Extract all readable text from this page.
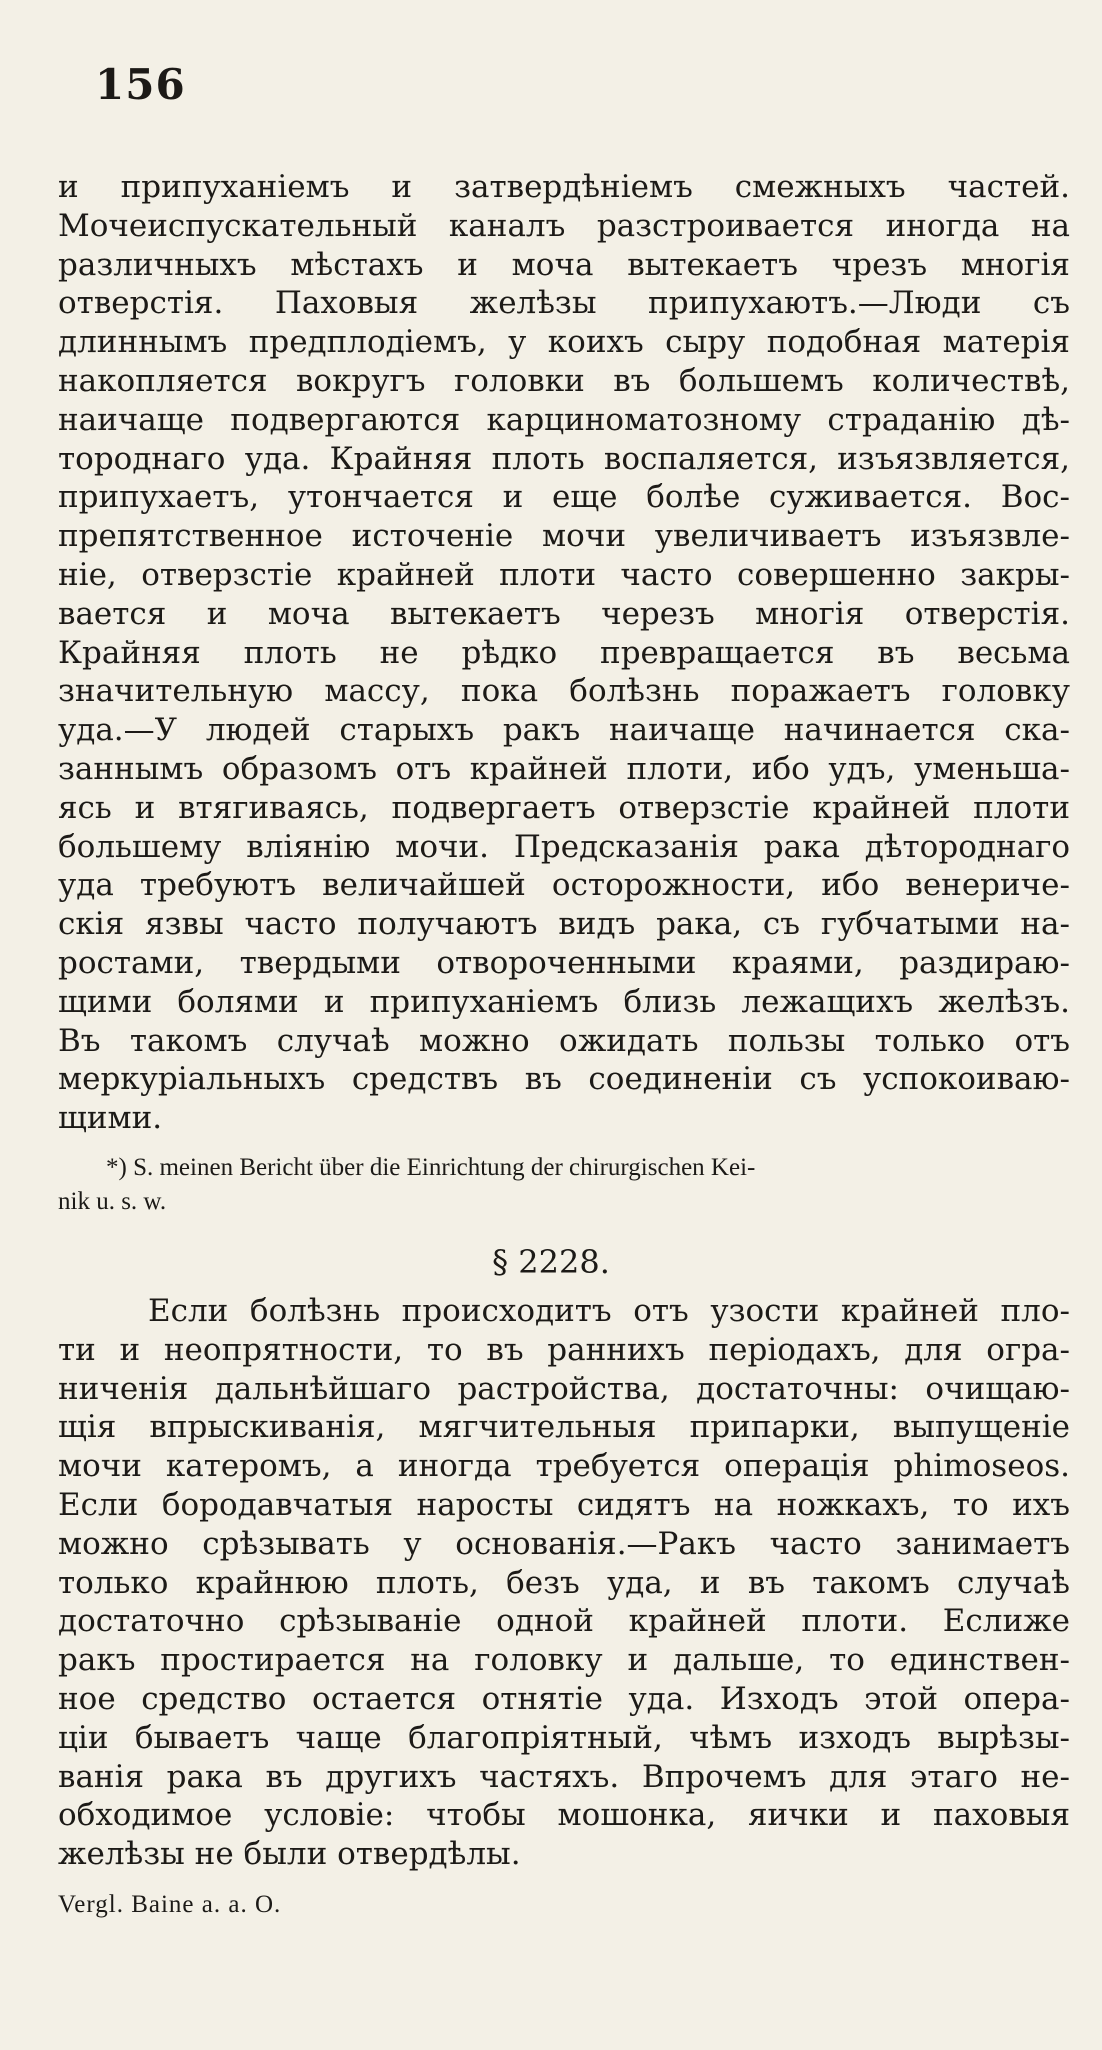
156
и припуханіемъ и затвердѣніемъ смежныхъ частей.
Мочеиспускательный каналъ разстроивается иногда на
различныхъ мѣстахъ и моча вытекаетъ чрезъ многія
отверстія. Паховыя желѣзы припухаютъ.—Люди съ
длиннымъ предплодіемъ, у коихъ сыру подобная матерія
накопляется вокругъ головки въ большемъ количествѣ,
наичаще подвергаются карциноматозному страданію дѣ-
тороднаго уда. Крайняя плоть воспаляется, изъязвляется,
припухаетъ, утончается и еще болѣе суживается. Вос-
препятственное источеніе мочи увеличиваетъ изъязвле-
ніе, отверзстіе крайней плоти часто совершенно закры-
вается и моча вытекаетъ черезъ многія отверстія.
Крайняя плоть не рѣдко превращается въ весьма
значительную массу, пока болѣзнь поражаетъ головку
уда.—У людей старыхъ ракъ наичаще начинается ска-
заннымъ образомъ отъ крайней плоти, ибо удъ, уменьша-
ясь и втягиваясь, подвергаетъ отверзстіе крайней плоти
большему вліянію мочи. Предсказанія рака дѣтороднаго
уда требуютъ величайшей осторожности, ибо венериче-
скія язвы часто получаютъ видъ рака, съ губчатыми на-
ростами, твердыми отвороченными краями, раздираю-
щими болями и припуханіемъ близь лежащихъ желѣзъ.
Въ такомъ случаѣ можно ожидать пользы только отъ
меркуріальныхъ средствъ въ соединеніи съ успокоиваю-
щими.
*) S. meinen Bericht über die Einrichtung der chirurgischen Kei-
nik u. s. w.
§ 2228.
Если болѣзнь происходитъ отъ узости крайней пло-
ти и неопрятности, то въ раннихъ періодахъ, для огра-
ниченія дальнѣйшаго растройства, достаточны: очищаю-
щія впрыскиванія, мягчительныя припарки, выпущеніе
мочи катеромъ, а иногда требуется операція phimoseos.
Если бородавчатыя наросты сидятъ на ножкахъ, то ихъ
можно срѣзывать у основанія.—Ракъ часто занимаетъ
только крайнюю плоть, безъ уда, и въ такомъ случаѣ
достаточно срѣзываніе одной крайней плоти. Еслиже
ракъ простирается на головку и дальше, то единствен-
ное средство остается отнятіе уда. Изходъ этой опера-
ціи бываетъ чаще благопріятный, чѣмъ изходъ вырѣзы-
ванія рака въ другихъ частяхъ. Впрочемъ для этаго не-
обходимое условіе: чтобы мошонка, яички и паховыя
желѣзы не были отвердѣлы.
Vergl. Baine a. a. O.
